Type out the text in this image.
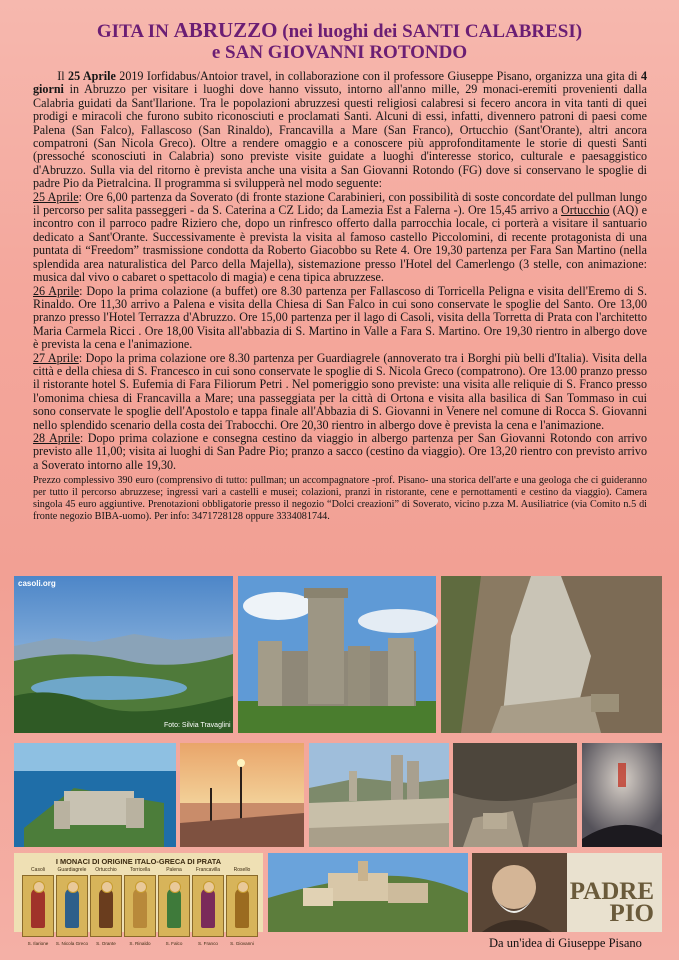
GITA IN ABRUZZO (nei luoghi dei SANTI CALABRESI)
e SAN GIOVANNI ROTONDO

  Il 25 Aprile 2019 Iorfidabus/Antoior travel, in collaborazione con il professore Giuseppe Pisano, organizza una gita di 4 giorni in Abruzzo per visitare i luoghi dove hanno vissuto, intorno all'anno mille, 29 monaci-eremiti provenienti dalla Calabria guidati da Sant'Ilarione. Tra le popolazioni abruzzesi questi religiosi calabresi si fecero ancora in vita tanti di quei prodigi e miracoli che furono subito riconosciuti e proclamati Santi. Alcuni di essi, infatti, divennero patroni di paesi come Palena (San Falco), Fallascoso (San Rinaldo), Francavilla a Mare (San Franco), Ortucchio (Sant'Orante), altri ancora compatroni (San Nicola Greco). Oltre a rendere omaggio e a conoscere più approfonditamente le storie di questi Santi (pressoché sconosciuti in Calabria) sono previste visite guidate a luoghi d'interesse storico, culturale e paesaggistico d'Abruzzo. Sulla via del ritorno è prevista anche una visita a San Giovanni Rotondo (FG) dove si conservano le spoglie di padre Pio da Pietralcina. Il programma si svilupperà nel modo seguente:

25 Aprile: Ore 6,00 partenza da Soverato (di fronte stazione Carabinieri, con possibilità di soste concordate del pullman lungo il percorso per salita passeggeri - da S. Caterina a CZ Lido; da Lamezia Est a Falerna -). Ore 15,45 arrivo a Ortucchio (AQ) e incontro con il parroco padre Riziero che, dopo un rinfresco offerto dalla parrocchia locale, ci porterà a visitare il santuario dedicato a Sant'Orante. Successivamente è prevista la visita al famoso castello Piccolomini, di recente protagonista di una puntata di “Freedom” trasmissione condotta da Roberto Giacobbo su Rete 4. Ore 19,30 partenza per Fara San Martino (nella splendida area naturalistica del Parco della Majella), sistemazione presso l'Hotel del Camerlengo (3 stelle, con animazione: musica dal vivo o cabaret o spettacolo di magia) e cena tipica abruzzese.

26 Aprile: Dopo la prima colazione (a buffet) ore 8.30 partenza per Fallascoso di Torricella Peligna e visita dell'Eremo di S. Rinaldo. Ore 11,30 arrivo a Palena e visita della Chiesa di San Falco in cui sono conservate le spoglie del Santo. Ore 13,00 pranzo presso l'Hotel Terrazza d'Abruzzo. Ore 15,00 partenza per il lago di Casoli, visita della Torretta di Prata con l'architetto Maria Carmela Ricci . Ore 18,00 Visita all'abbazia di S. Martino in Valle a Fara S. Martino. Ore 19,30 rientro in albergo dove è prevista la cena e l'animazione.

27 Aprile: Dopo la prima colazione ore 8.30 partenza per Guardiagrele (annoverato tra i Borghi più belli d'Italia). Visita della città e della chiesa di S. Francesco in cui sono conservate le spoglie di S. Nicola Greco (compatrono). Ore 13.00 pranzo presso il ristorante hotel S. Eufemia di Fara Filiorum Petri . Nel pomeriggio sono previste: una visita alle reliquie di S. Franco presso l'omonima chiesa di Francavilla a Mare; una passeggiata per la città di Ortona e visita alla basilica di San Tommaso in cui sono conservate le spoglie dell'Apostolo e tappa finale all'Abbazia di S. Giovanni in Venere nel comune di Rocca S. Giovanni nello splendido scenario della costa dei Trabocchi. Ore 20,30 rientro in albergo dove è prevista la cena e l'animazione.

28 Aprile: Dopo prima colazione e consegna cestino da viaggio in albergo partenza per San Giovanni Rotondo con arrivo previsto alle 11,00; visita ai luoghi di San Padre Pio; pranzo a sacco (cestino da viaggio). Ore 13,20 rientro con previsto arrivo a Soverato intorno alle 19,30.

Prezzo complessivo 390 euro (comprensivo di tutto: pullman; un accompagnatore -prof. Pisano- una storica dell'arte e una geologa che ci guideranno per tutto il percorso abruzzese; ingressi vari a castelli e musei; colazioni, pranzi in ristorante, cene e pernottamenti e cestino da viaggio). Camera singola 45 euro aggiuntive. Prenotazioni obbligatorie presso il negozio “Dolci creazioni” di Soverato, vicino p.zza M. Ausiliatrice (via Comito n.5 di fronte negozio BIBA-uomo). Per info: 3471728128 oppure 3334081744.

casoli.org
Foto: Silvia Travaglini
I MONACI DI ORIGINE ITALO-GRECA DI PRATA
Casoli
S. Ilarione
Guardiagrele
S. Nicola Greco
Ortucchio
S. Orante
Torricella
S. Rinaldo
Palena
S. Falco
Francavilla
S. Franco
Rosello
S. Giovanni
PADRE
PIO
Da un'idea di Giuseppe Pisano
